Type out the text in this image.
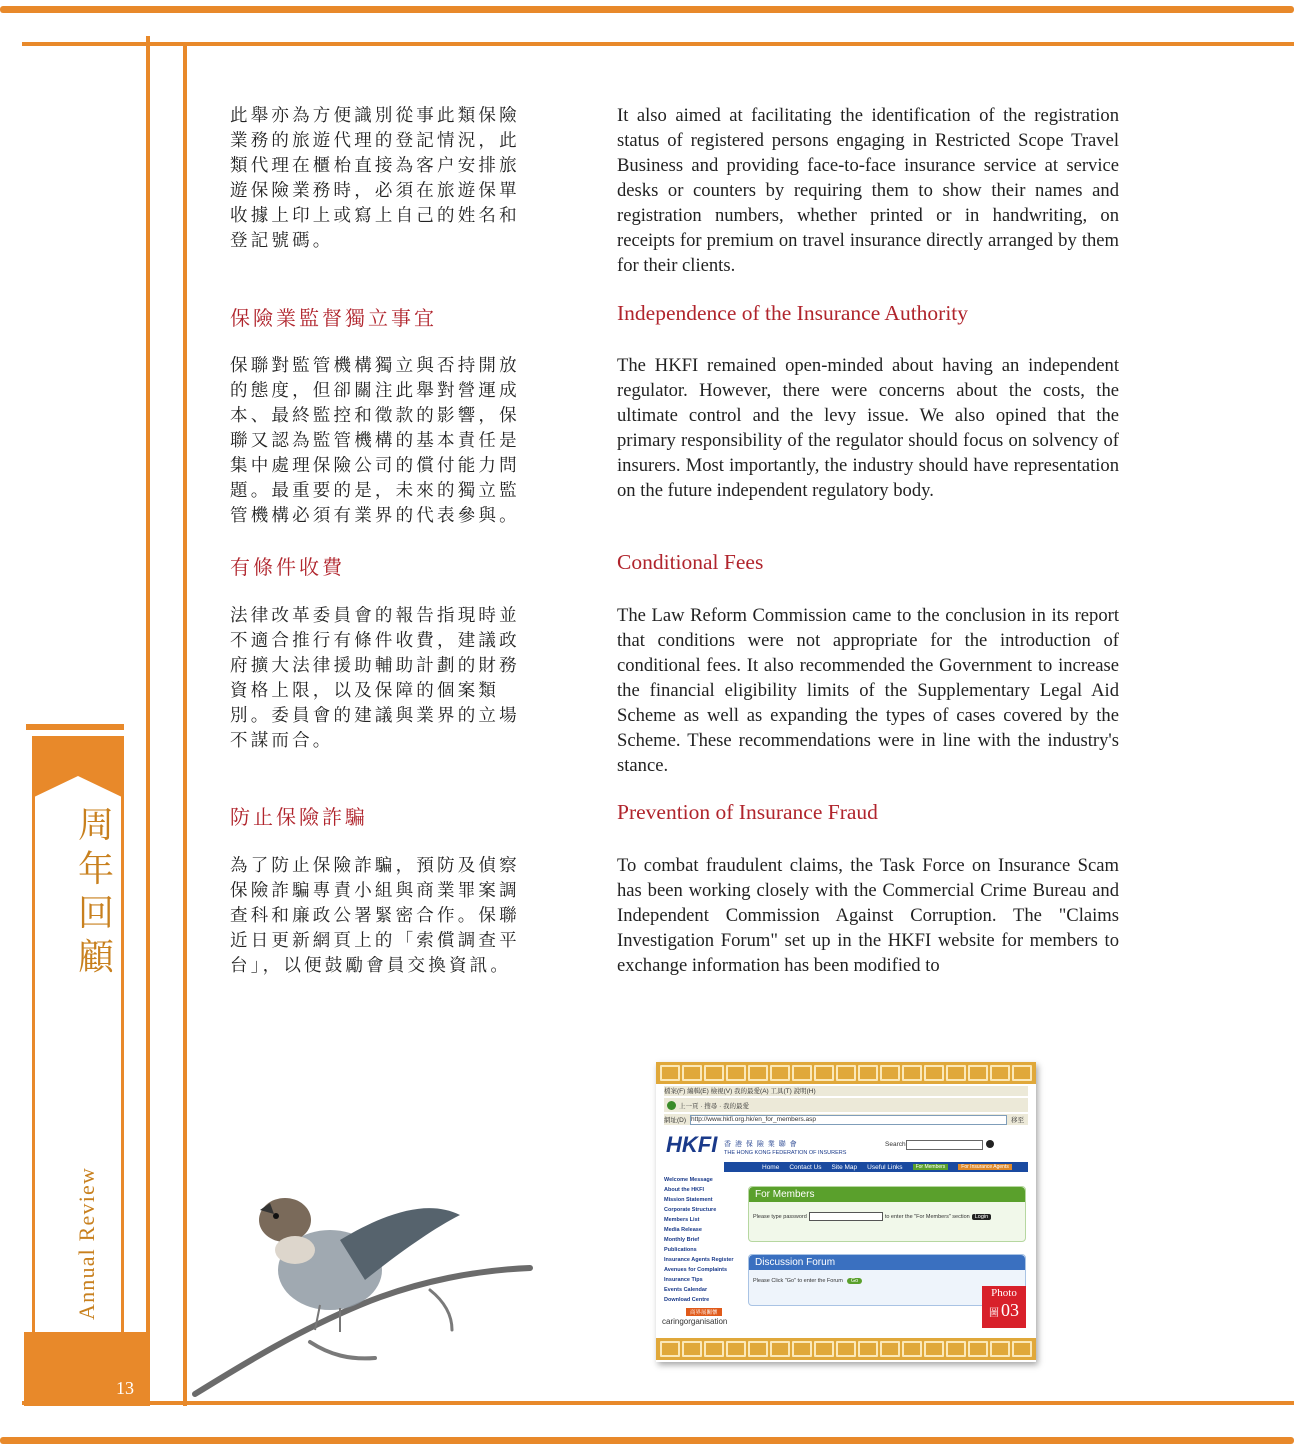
周年回顧
Annual Review
13
此舉亦為方便識別從事此類保險業務的旅遊代理的登記情況，此類代理在櫃枱直接為客户安排旅遊保險業務時，必須在旅遊保單收據上印上或寫上自己的姓名和登記號碼。
It also aimed at facilitating the identification of the registration status of registered persons engaging in Restricted Scope Travel Business and providing face-to-face insurance service at service desks or counters by requiring them to show their names and registration numbers, whether printed or in handwriting, on receipts for premium on travel insurance directly arranged by them for their clients.
保險業監督獨立事宜	Independence of the Insurance Authority
保聯對監管機構獨立與否持開放的態度，但卻關注此舉對營運成本、最終監控和徵款的影響，保聯又認為監管機構的基本責任是集中處理保險公司的償付能力問題。最重要的是，未來的獨立監管機構必須有業界的代表參與。
The HKFI remained open-minded about having an independent regulator. However, there were concerns about the costs, the ultimate control and the levy issue. We also opined that the primary responsibility of the regulator should focus on solvency of insurers. Most importantly, the industry should have representation on the future independent regulatory body.
有條件收費	Conditional Fees
法律改革委員會的報告指現時並不適合推行有條件收費，建議政府擴大法律援助輔助計劃的財務資格上限，以及保障的個案類別。委員會的建議與業界的立場不謀而合。
The Law Reform Commission came to the conclusion in its report that conditions were not appropriate for the introduction of conditional fees. It also recommended the Government to increase the financial eligibility limits of the Supplementary Legal Aid Scheme as well as expanding the types of cases covered by the Scheme. These recommendations were in line with the industry's stance.
防止保險詐騙	Prevention of Insurance Fraud
為了防止保險詐騙，預防及偵察保險詐騙專責小組與商業罪案調查科和廉政公署緊密合作。保聯近日更新網頁上的「索償調查平台」，以便鼓勵會員交換資訊。
To combat fraudulent claims, the Task Force on Insurance Scam has been working closely with the Commercial Crime Bureau and Independent Commission Against Corruption. The "Claims Investigation Forum" set up in the HKFI website for members to exchange information has been modified to
檔案(F) 編輯(E) 檢視(V) 我的最愛(A) 工具(T) 說明(H)
上一頁 · 搜尋 · 我的最愛
網址(D) http://www.hkfi.org.hk/en_for_members.asp	移至
HKFI 香 港 保 險 業 聯 會
THE HONG KONG FEDERATION OF INSURERS
Search
Home Contact Us Site Map Useful Links	For Members	For Insurance Agents
Welcome Message
About the HKFI
Mission Statement
Corporate Structure
Members List
Media Release
Monthly Brief
Publications
Insurance Agents Register
Avenues for Complaints
Insurance Tips
Events Calendar
Download Centre
商界展關懷
caringorganisation
For Members
Please type password	to enter the "For Members" section Login
Discussion Forum
Please Click "Go" to enter the Forum	Go
Photo
圖 03
